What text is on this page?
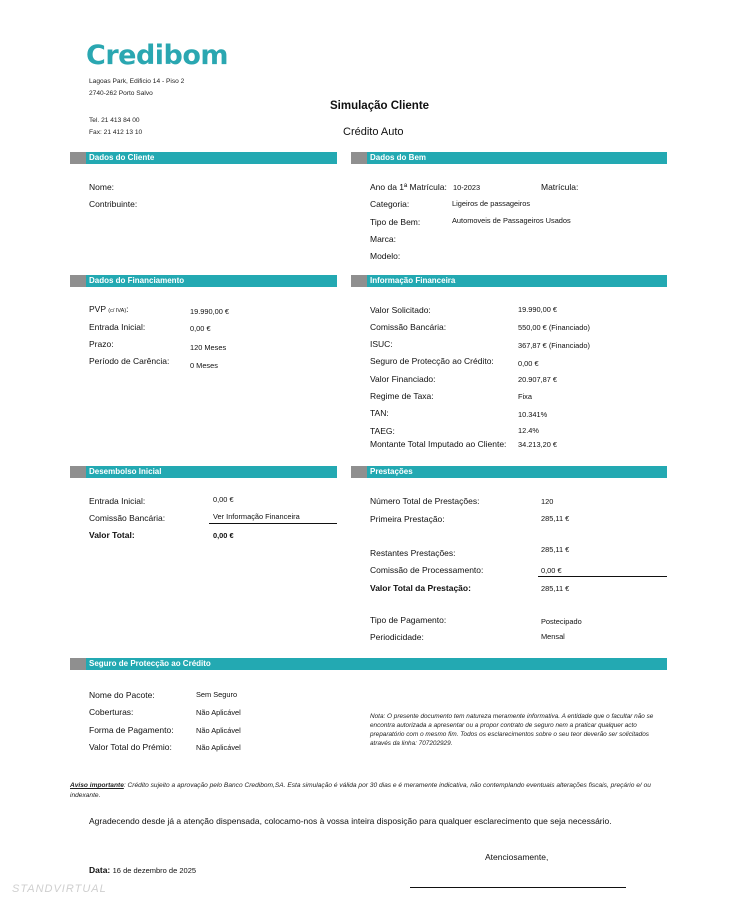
Credibom
Lagoas Park, Edificio 14 - Piso 2
2740-262 Porto Salvo
Tel. 21 413 84 00
Fax: 21 412 13 10
Simulação Cliente
Crédito Auto
Dados do Cliente
Nome:
Contribuinte:
Dados do Bem
Ano da 1ª Matrícula: 10-2023	Matrícula:
Categoria:	Ligeiros de passageiros
Tipo de Bem:	Automoveis de Passageiros Usados
Marca:
Modelo:
Dados do Financiamento
PVP (c/ IVA):	19.990,00 €
Entrada Inicial:	0,00 €
Prazo:	120 Meses
Período de Carência:	0 Meses
Informação Financeira
Valor Solicitado:	19.990,00 €
Comissão Bancária:	550,00 € (Financiado)
ISUC:	367,87 € (Financiado)
Seguro de Protecção ao Crédito:	0,00 €
Valor Financiado:	20.907,87 €
Regime de Taxa:	Fixa
TAN:	10.341%
TAEG:	12.4%
Montante Total Imputado ao Cliente: 34.213,20 €
Desembolso Inicial
Entrada Inicial:	0,00 €
Comissão Bancária:	Ver Informação Financeira
Valor Total:	0,00 €
Prestações
Número Total de Prestações:	120
Primeira Prestação:	285,11 €
Restantes Prestações:	285,11 €
Comissão de Processamento:	0,00 €
Valor Total da Prestação:	285,11 €
Tipo de Pagamento:	Postecipado
Periodicidade:	Mensal
Seguro de Protecção ao Crédito
Nome do Pacote:	Sem Seguro
Coberturas:	Não Aplicável
Forma de Pagamento:	Não Aplicável
Valor Total do Prémio:	Não Aplicável
Nota: O presente documento tem natureza meramente informativa. A entidade que o facultar não se encontra autorizada a apresentar ou a propor contrato de seguro nem a praticar qualquer acto preparatório com o mesmo fim. Todos os esclarecimentos sobre o seu teor deverão ser solicitados através da linha: 707202929.
Aviso importante: Crédito sujeito a aprovação pelo Banco Credibom,SA. Esta simulação é válida por 30 dias e é meramente indicativa, não contemplando eventuais alterações fiscais, preçário e/ ou indexante.
Agradecendo desde já a atenção dispensada, colocamo-nos à vossa inteira disposição para qualquer esclarecimento que seja necessário.
Atenciosamente,
Data: 16 de dezembro de 2025
STANDVIRTUAL
